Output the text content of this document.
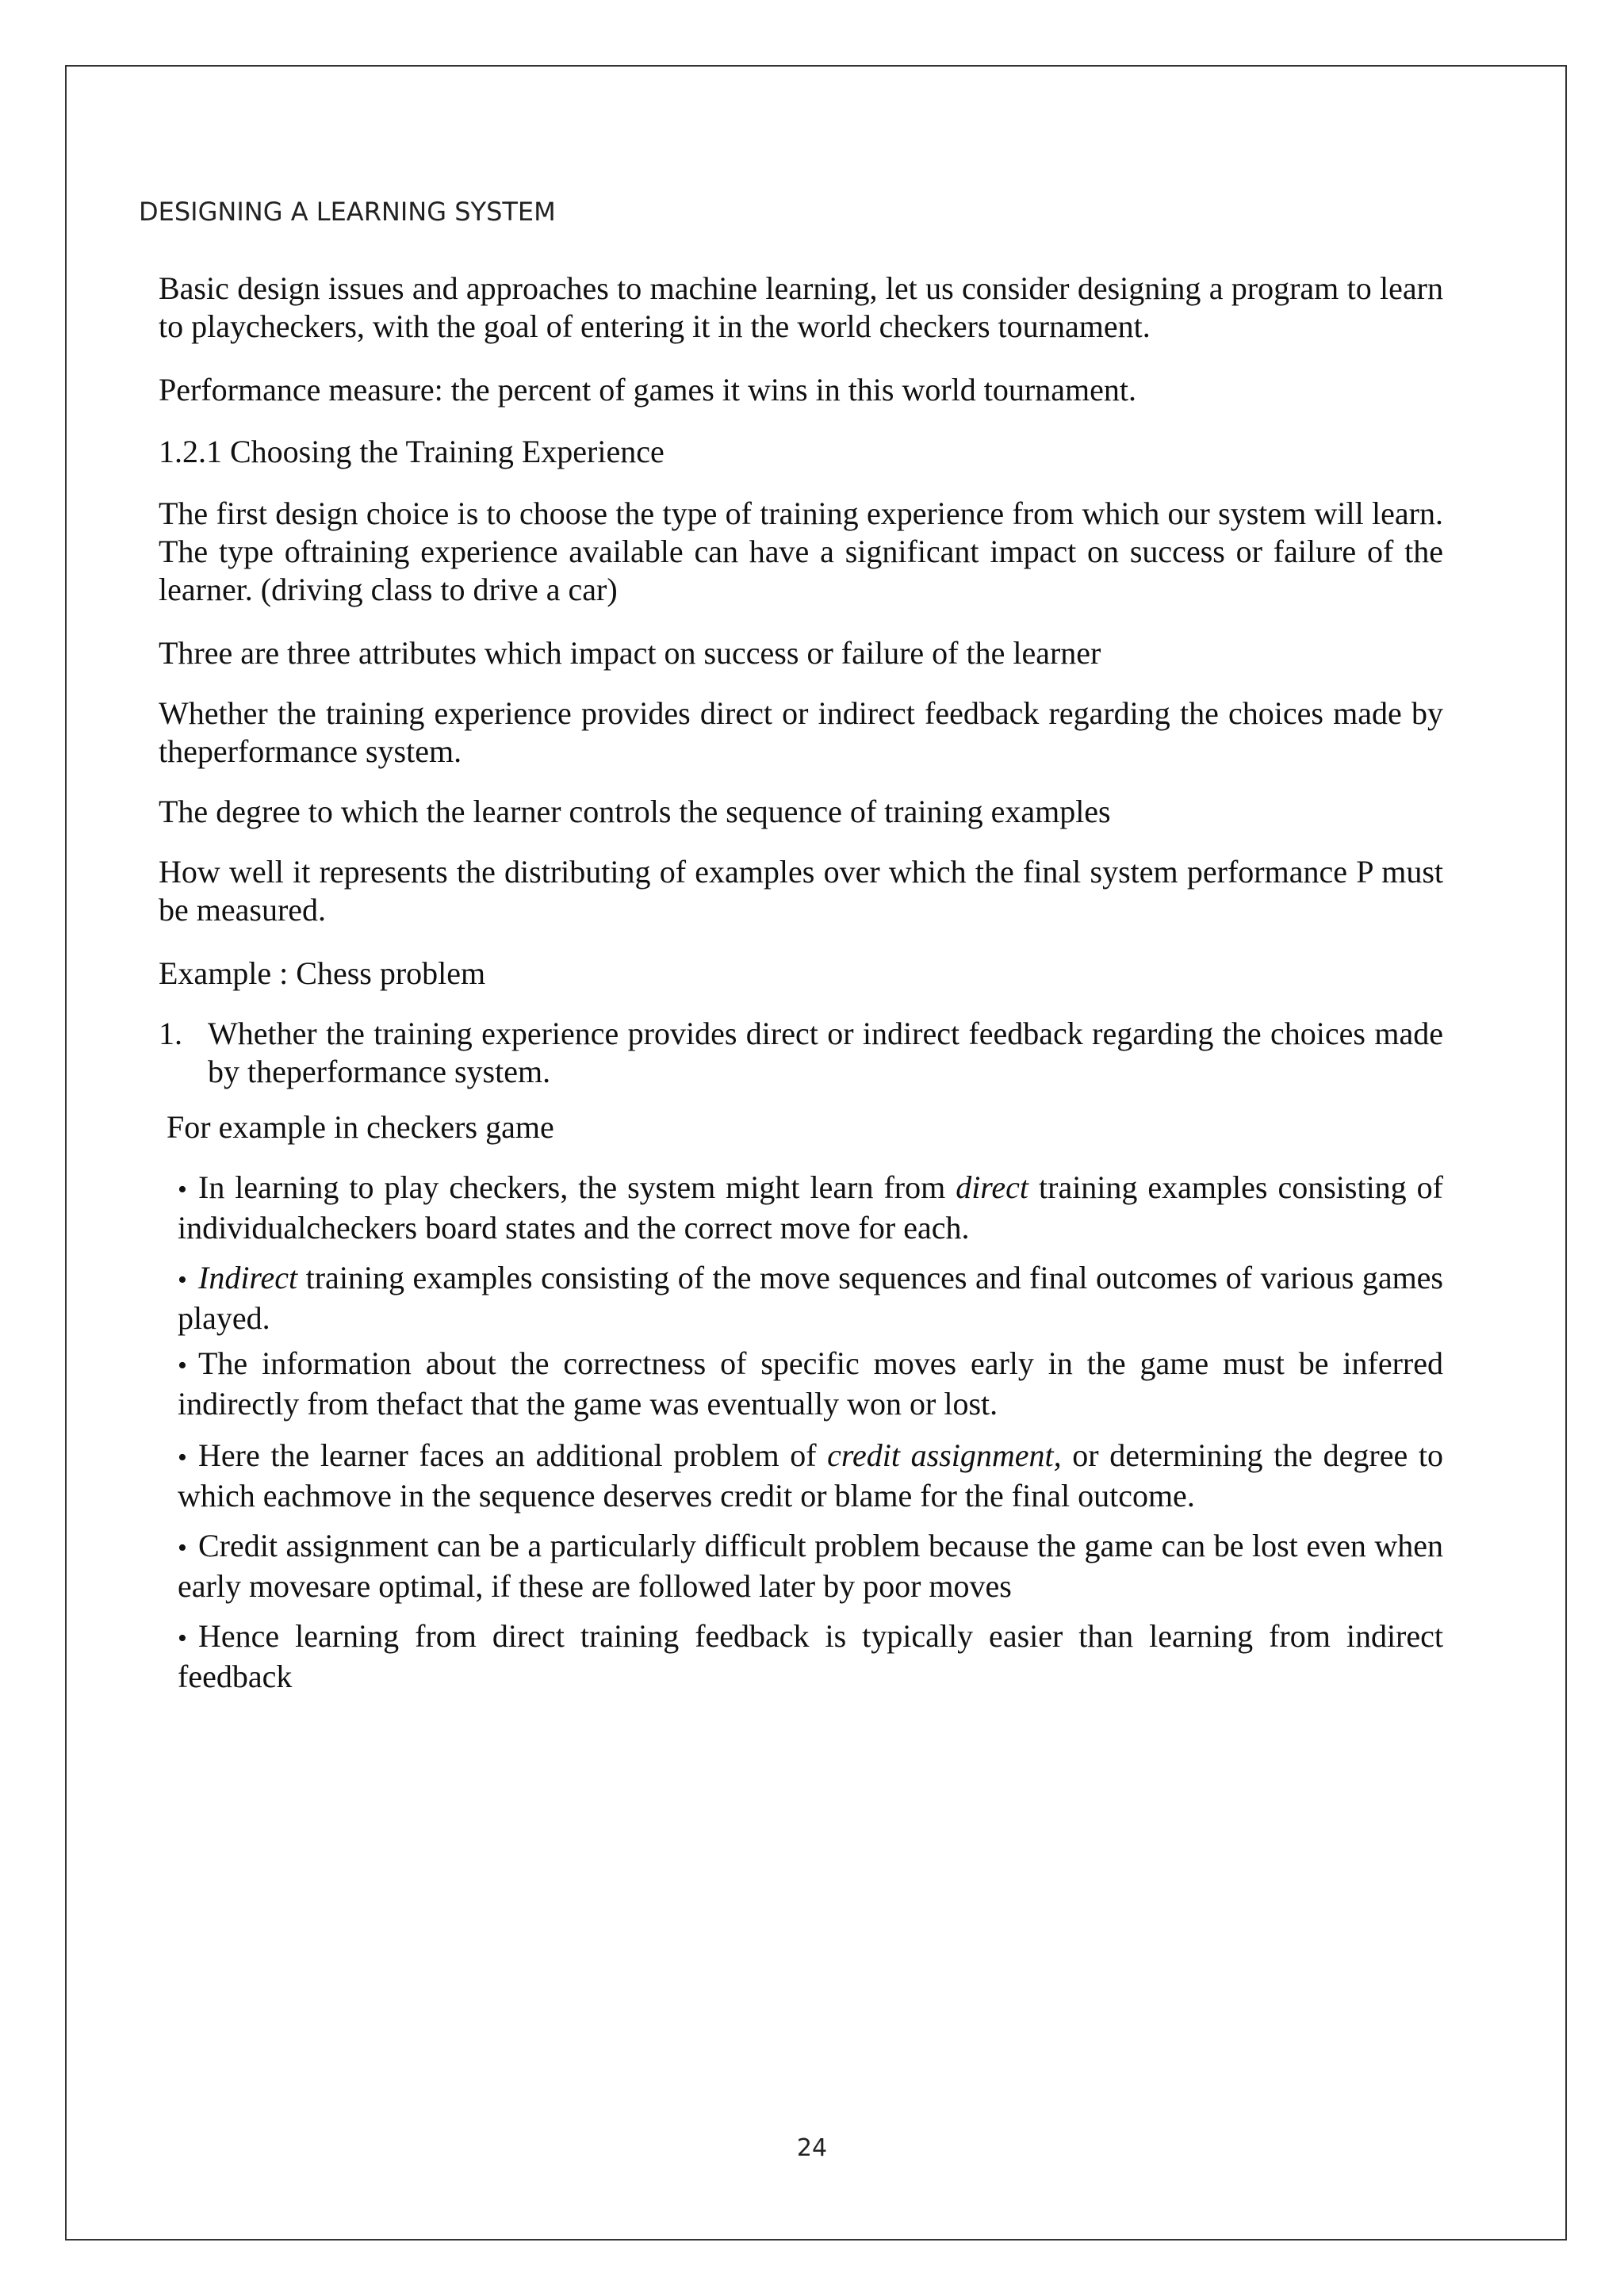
DESIGNING A LEARNING SYSTEM

Basic design issues and approaches to machine learning, let us consider designing a program to learn to playcheckers, with the goal of entering it in the world checkers tournament.

Performance measure: the percent of games it wins in this world tournament.

1.2.1 Choosing the Training Experience

The first design choice is to choose the type of training experience from which our system will learn. The type oftraining experience available can have a significant impact on success or failure of the learner. (driving class to drive a car)

Three are three attributes which impact on success or failure of the learner

Whether the training experience provides direct or indirect feedback regarding the choices made by theperformance system.

The degree to which the learner controls the sequence of training examples

How well it represents the distributing of examples over which the final system performance P must be measured.

Example : Chess problem

1. Whether the training experience provides direct or indirect feedback regarding the choices made by theperformance system.
For example in checkers game
• In learning to play checkers, the system might learn from direct training examples consisting of individualcheckers board states and the correct move for each.
• Indirect training examples consisting of the move sequences and final outcomes of various games played.
• The information about the correctness of specific moves early in the game must be inferred indirectly from thefact that the game was eventually won or lost.
• Here the learner faces an additional problem of credit assignment, or determining the degree to which eachmove in the sequence deserves credit or blame for the final outcome.
• Credit assignment can be a particularly difficult problem because the game can be lost even when early movesare optimal, if these are followed later by poor moves
• Hence learning from direct training feedback is typically easier than learning from indirect feedback
24
